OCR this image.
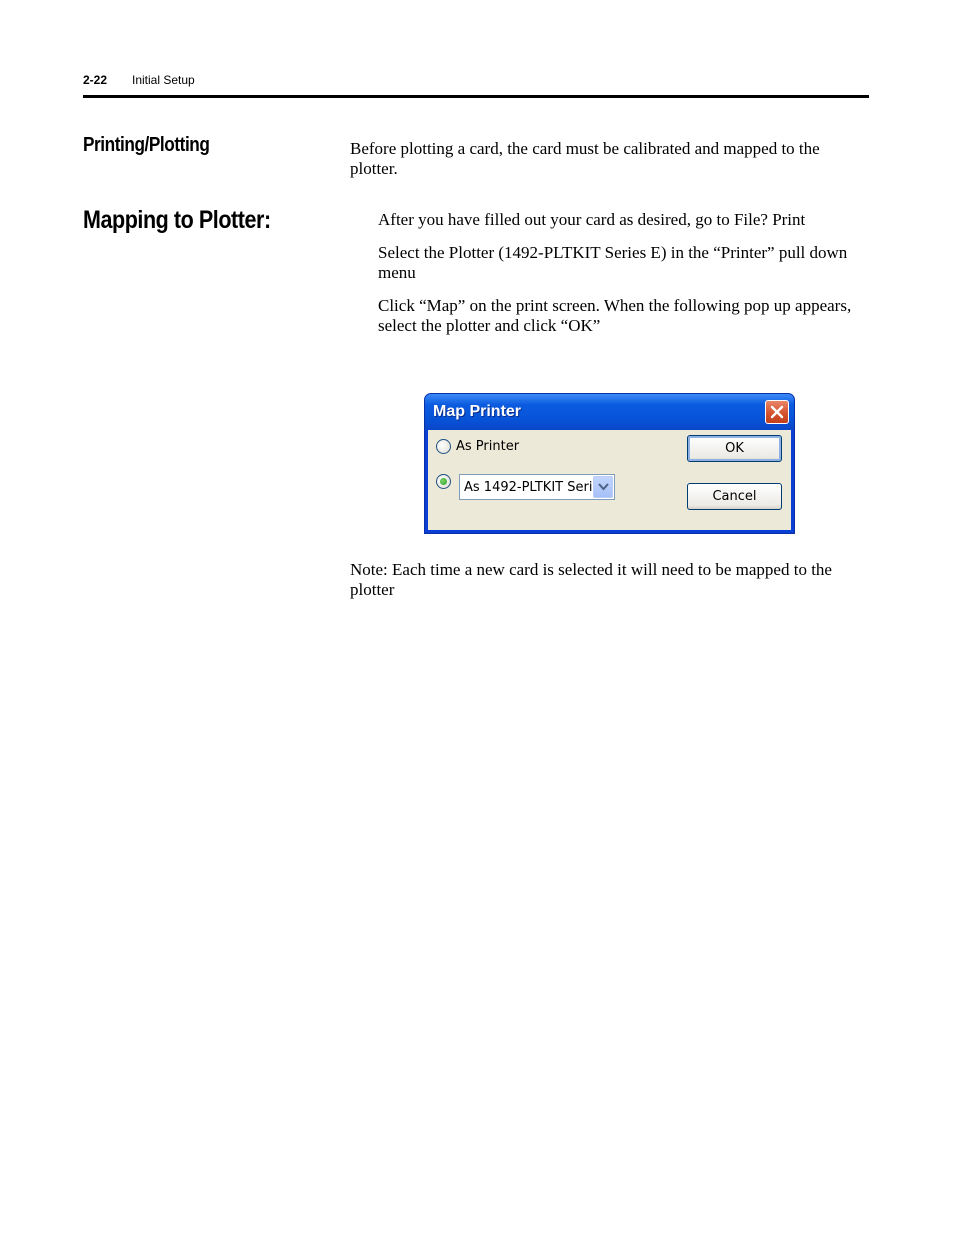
2-22 Initial Setup
Printing/Plotting	Before plotting a card, the card must be calibrated and mapped to the plotter.
Mapping to Plotter:	After you have filled out your card as desired, go to File? Print
Select the Plotter (1492-PLTKIT Series E) in the “Printer” pull down menu
Click “Map” on the print screen. When the following pop up appears, select the plotter and click “OK”
Map Printer
As Printer
As 1492-PLTKIT Seri
OK
Cancel
Note: Each time a new card is selected it will need to be mapped to the plotter
